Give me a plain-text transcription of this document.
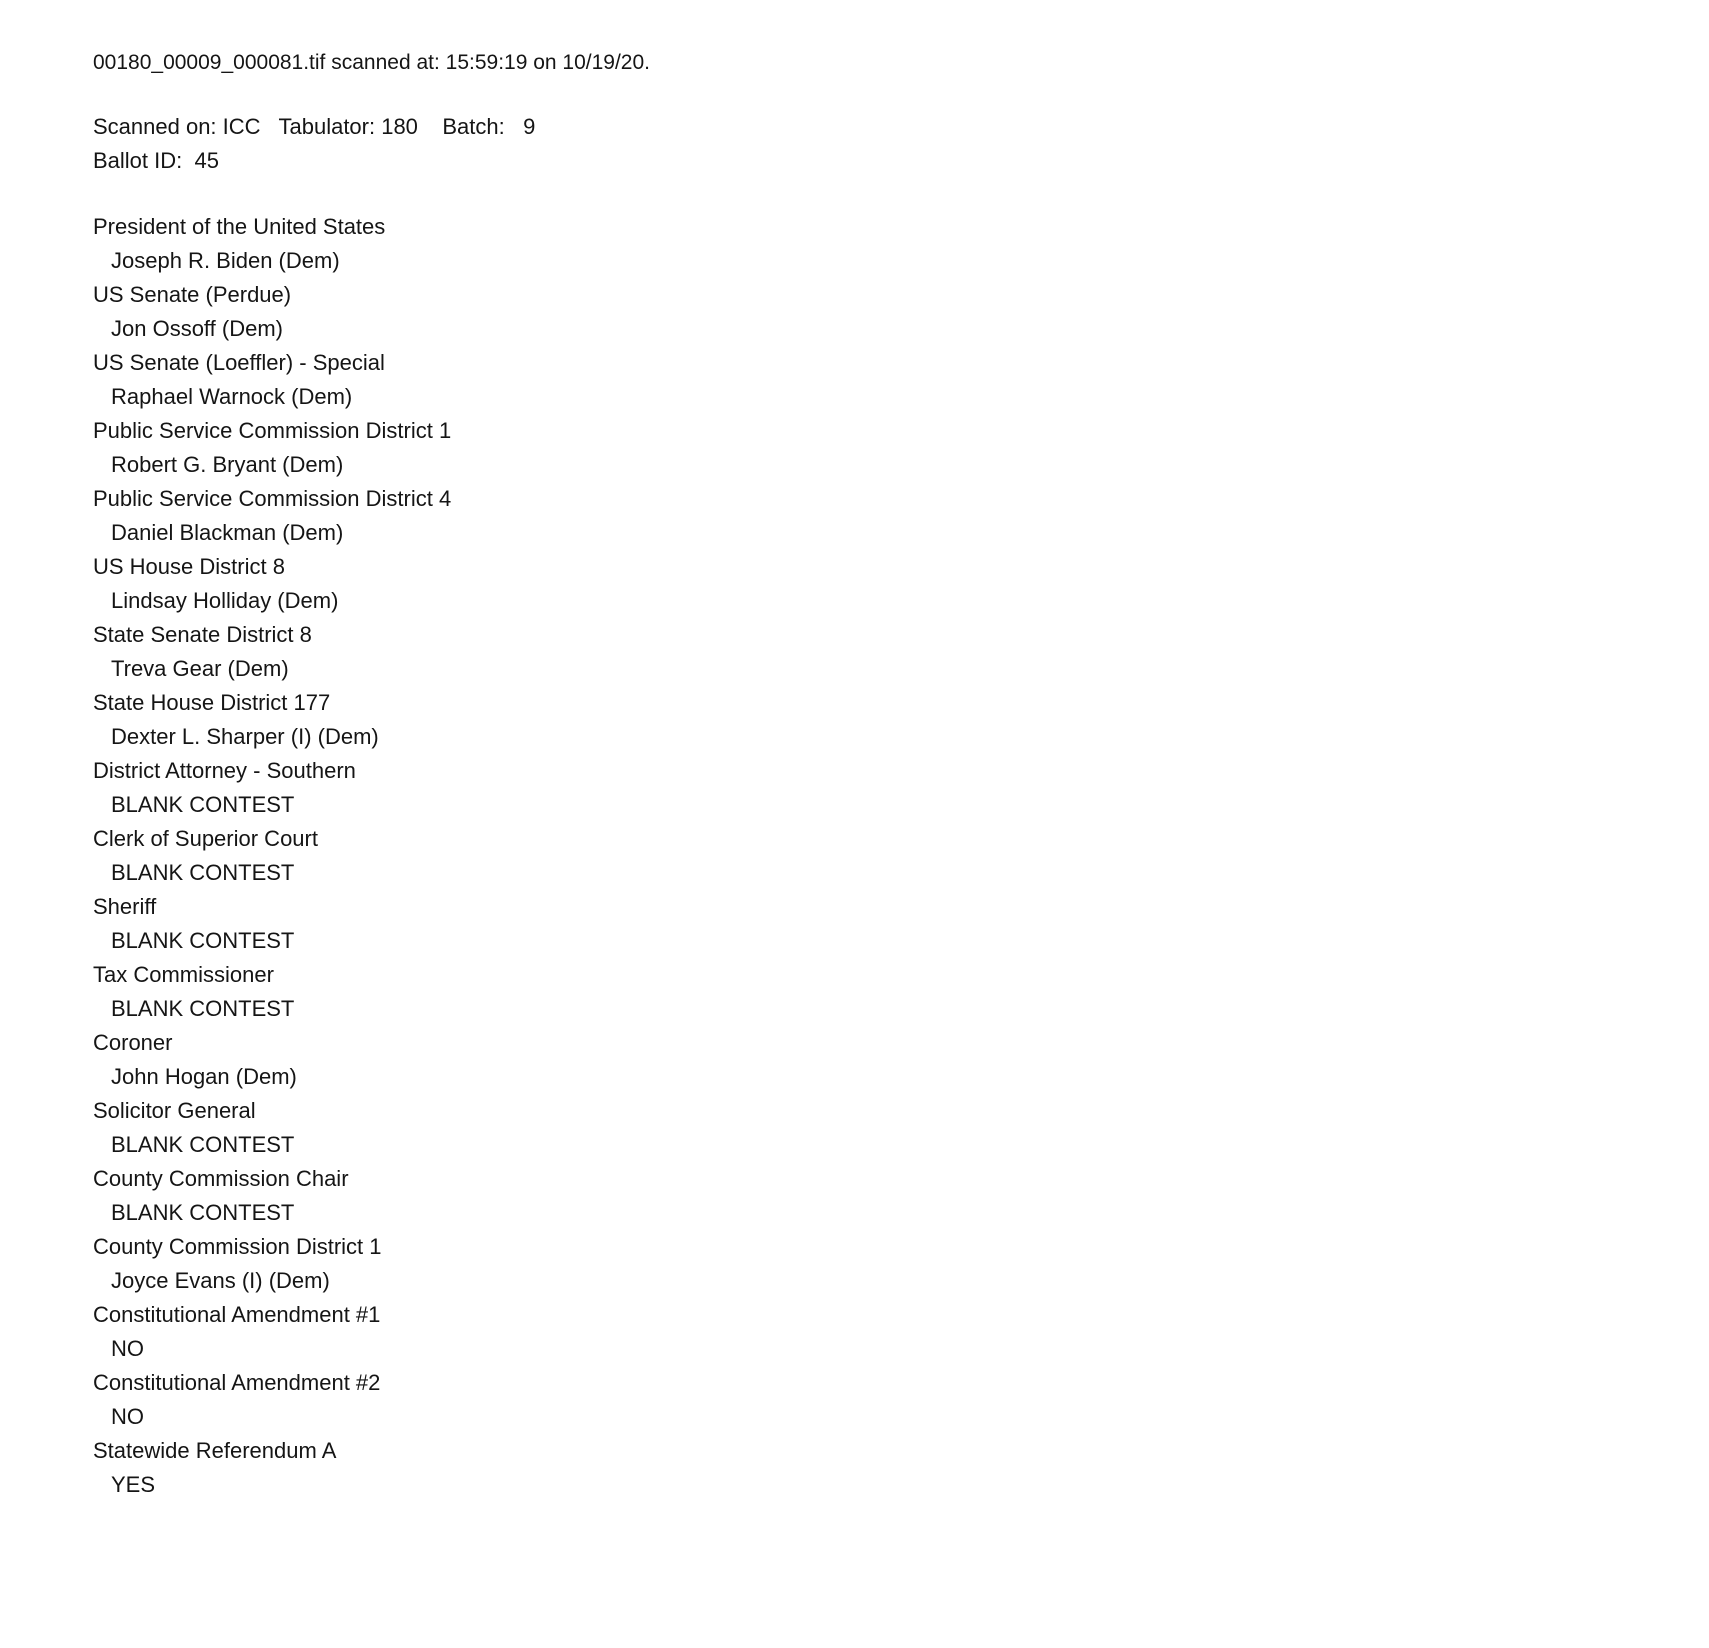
00180_00009_000081.tif scanned at: 15:59:19 on 10/19/20.
Scanned on: ICC   Tabulator: 180    Batch:   9
Ballot ID:  45
President of the United States
Joseph R. Biden (Dem)
US Senate (Perdue)
Jon Ossoff (Dem)
US Senate (Loeffler) - Special
Raphael Warnock (Dem)
Public Service Commission District 1
Robert G. Bryant (Dem)
Public Service Commission District 4
Daniel Blackman (Dem)
US House District 8
Lindsay Holliday (Dem)
State Senate District 8
Treva Gear (Dem)
State House District 177
Dexter L. Sharper (I) (Dem)
District Attorney - Southern
BLANK CONTEST
Clerk of Superior Court
BLANK CONTEST
Sheriff
BLANK CONTEST
Tax Commissioner
BLANK CONTEST
Coroner
John Hogan (Dem)
Solicitor General
BLANK CONTEST
County Commission Chair
BLANK CONTEST
County Commission District 1
Joyce Evans (I) (Dem)
Constitutional Amendment #1
NO
Constitutional Amendment #2
NO
Statewide Referendum A
YES
